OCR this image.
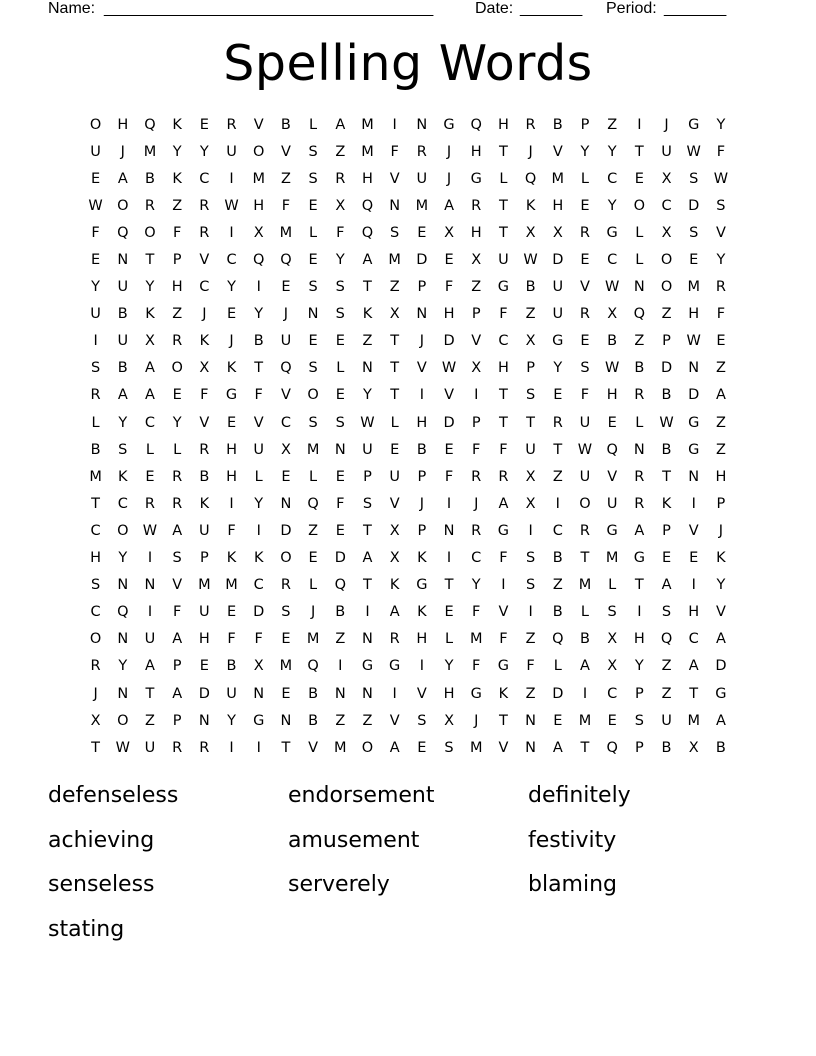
Name: _____________________________________	Date: _______ Period: _______
Spelling Words
O	H	Q	K	E	R	V	B	L	A	M	I	N	G	Q	H	R	B	P	Z	I	J	G	Y
U	J	M	Y	Y	U	O	V	S	Z	M	F	R	J	H	T	J	V	Y	Y	T	U	W	F
E	A	B	K	C	I	M	Z	S	R	H	V	U	J	G	L	Q	M	L	C	E	X	S	W
W O	R	Z	R	W	H	F	E	X	Q	N	M	A	R	T	K	H	E	Y	O	C	D	S
F	Q	O	F	R	I	X	M	L	F	Q	S	E	X	H	T	X	X	R	G	L	X	S	V
E	N	T	P	V	C	Q	Q	E	Y	A	M	D	E	X	U	W D	E	C	L	O	E	Y
Y	U	Y	H	C	Y	I	E	S	S	T	Z	P	F	Z	G	B	U	V	W	N	O	M	R
U	B	K	Z	J	E	Y	J	N	S	K	X	N	H	P	F	Z	U	R	X	Q	Z	H	F
I	U	X	R	K	J	B	U	E	E	Z	T	J	D	V	C	X	G	E	B	Z	P	W	E
S	B	A	O	X	K	T	Q	S	L	N	T	V	W	X	H	P	Y	S	W	B	D	N	Z
R	A	A	E	F	G	F	V	O	E	Y	T	I	V	I	T	S	E	F	H	R	B	D	A
L	Y	C	Y	V	E	V	C	S	S	W	L	H	D	P	T	T	R	U	E	L	W G	Z
B	S	L	L	R	H	U	X	M	N	U	E	B	E	F	F	U	T	W Q	N	B	G	Z
M	K	E	R	B	H	L	E	L	E	P	U	P	F	R	R	X	Z	U	V	R	T	N	H
T	C	R	R	K	I	Y	N	Q	F	S	V	J	I	J	A	X	I	O	U	R	K	I	P
C	O W	A	U	F	I	D	Z	E	T	X	P	N	R	G	I	C	R	G	A	P	V	J
H	Y	I	S	P	K	K	O	E	D	A	X	K	I	C	F	S	B	T	M	G	E	E	K
S	N	N	V	M	M	C	R	L	Q	T	K	G	T	Y	I	S	Z	M	L	T	A	I	Y
C	Q	I	F	U	E	D	S	J	B	I	A	K	E	F	V	I	B	L	S	I	S	H	V
O	N	U	A	H	F	F	E	M	Z	N	R	H	L	M	F	Z	Q	B	X	H	Q	C	A
R	Y	A	P	E	B	X	M	Q	I	G	G	I	Y	F	G	F	L	A	X	Y	Z	A	D
J	N	T	A	D	U	N	E	B	N	N	I	V	H	G	K	Z	D	I	C	P	Z	T	G
X	O	Z	P	N	Y	G	N	B	Z	Z	V	S	X	J	T	N	E	M	E	S	U	M	A
T	W	U	R	R	I	I	T	V	M	O	A	E	S	M	V	N	A	T	Q	P	B	X	B
defenseless	endorsement	definitely
achieving	amusement	festivity
senseless	serverely	blaming
stating
